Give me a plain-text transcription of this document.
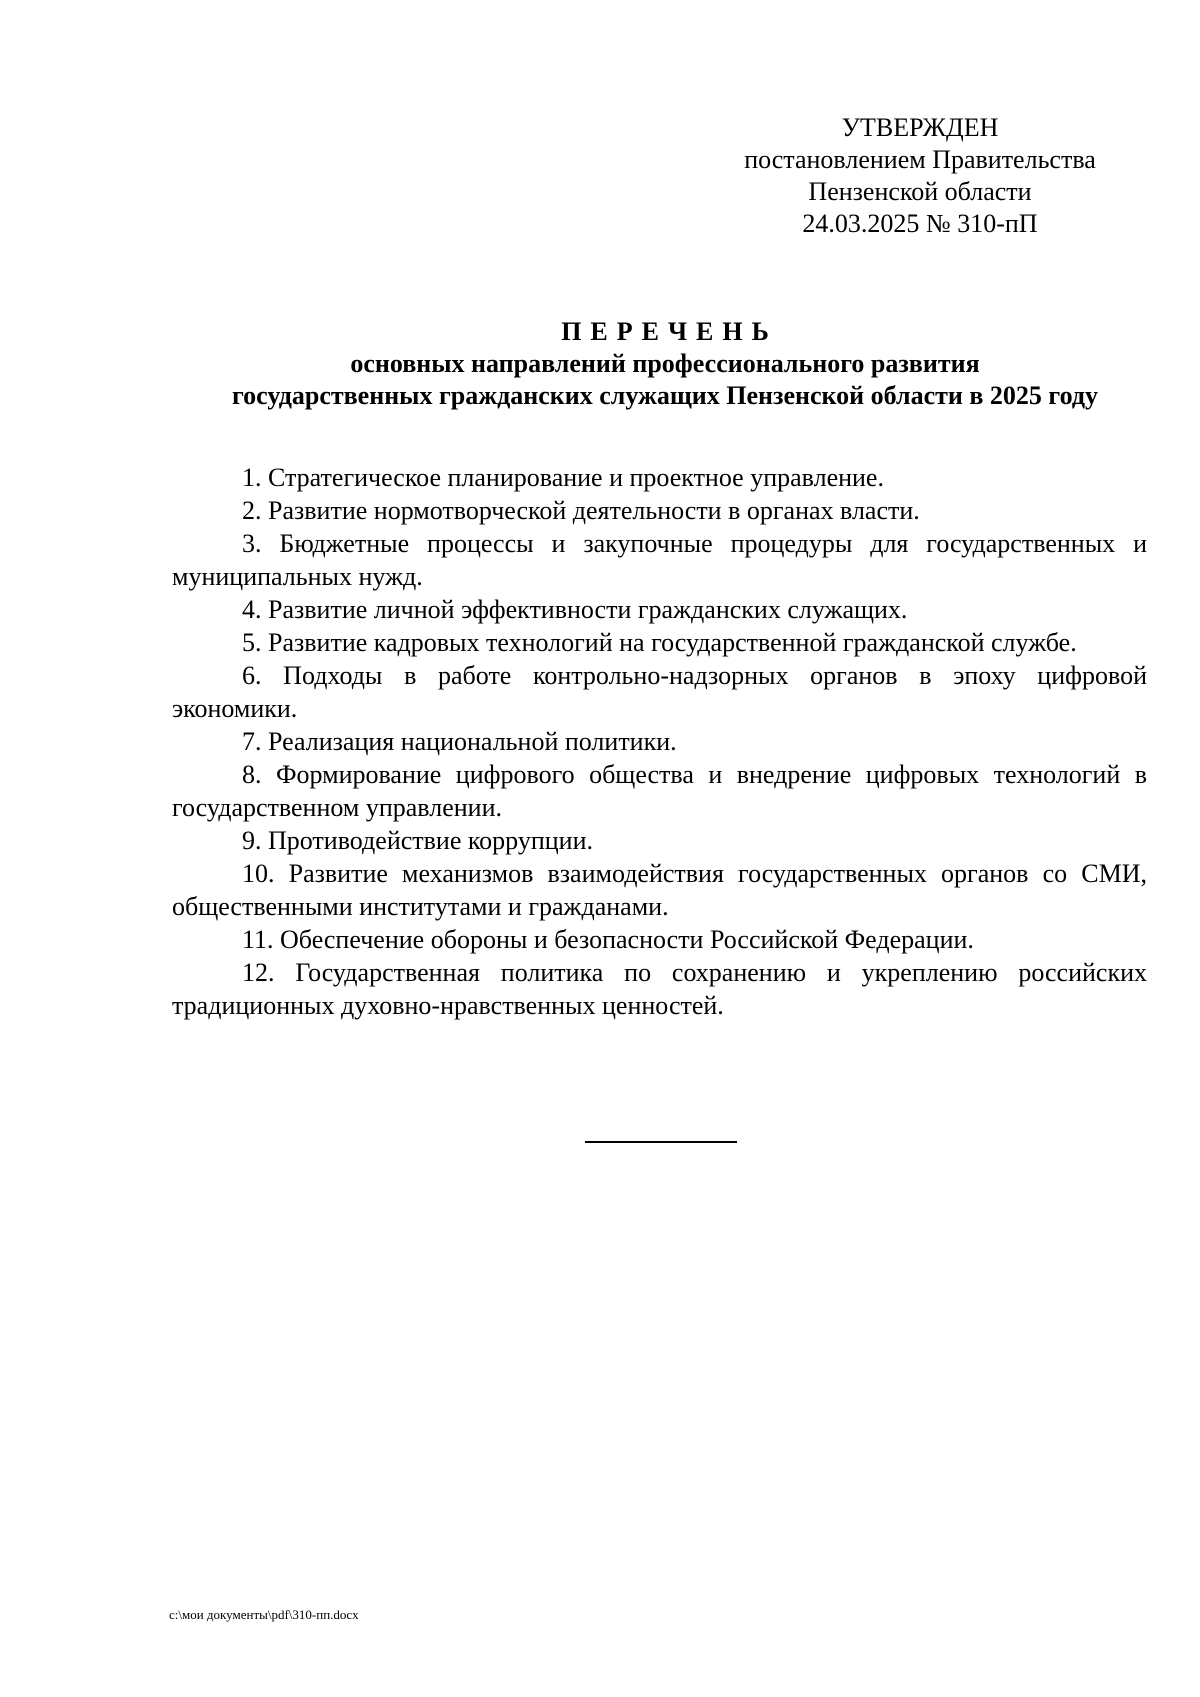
УТВЕРЖДЕН
постановлением Правительства
Пензенской области
24.03.2025 № 310-пП
ПЕРЕЧЕНЬ
основных направлений профессионального развития
государственных гражданских служащих Пензенской области в 2025 году

1. Стратегическое планирование и проектное управление.

2. Развитие нормотворческой деятельности в органах власти.

3. Бюджетные процессы и закупочные процедуры для государственных и муниципальных нужд.

4. Развитие личной эффективности гражданских служащих.

5. Развитие кадровых технологий на государственной гражданской службе.

6. Подходы в работе контрольно-надзорных органов в эпоху цифровой экономики.

7. Реализация национальной политики.

8. Формирование цифрового общества и внедрение цифровых технологий в государственном управлении.

9. Противодействие коррупции.

10. Развитие механизмов взаимодействия государственных органов со СМИ, общественными институтами и гражданами.

11. Обеспечение обороны и безопасности Российской Федерации.

12. Государственная политика по сохранению и укреплению российских традиционных духовно-нравственных ценностей.

c:\мои документы\pdf\310-пп.docx
